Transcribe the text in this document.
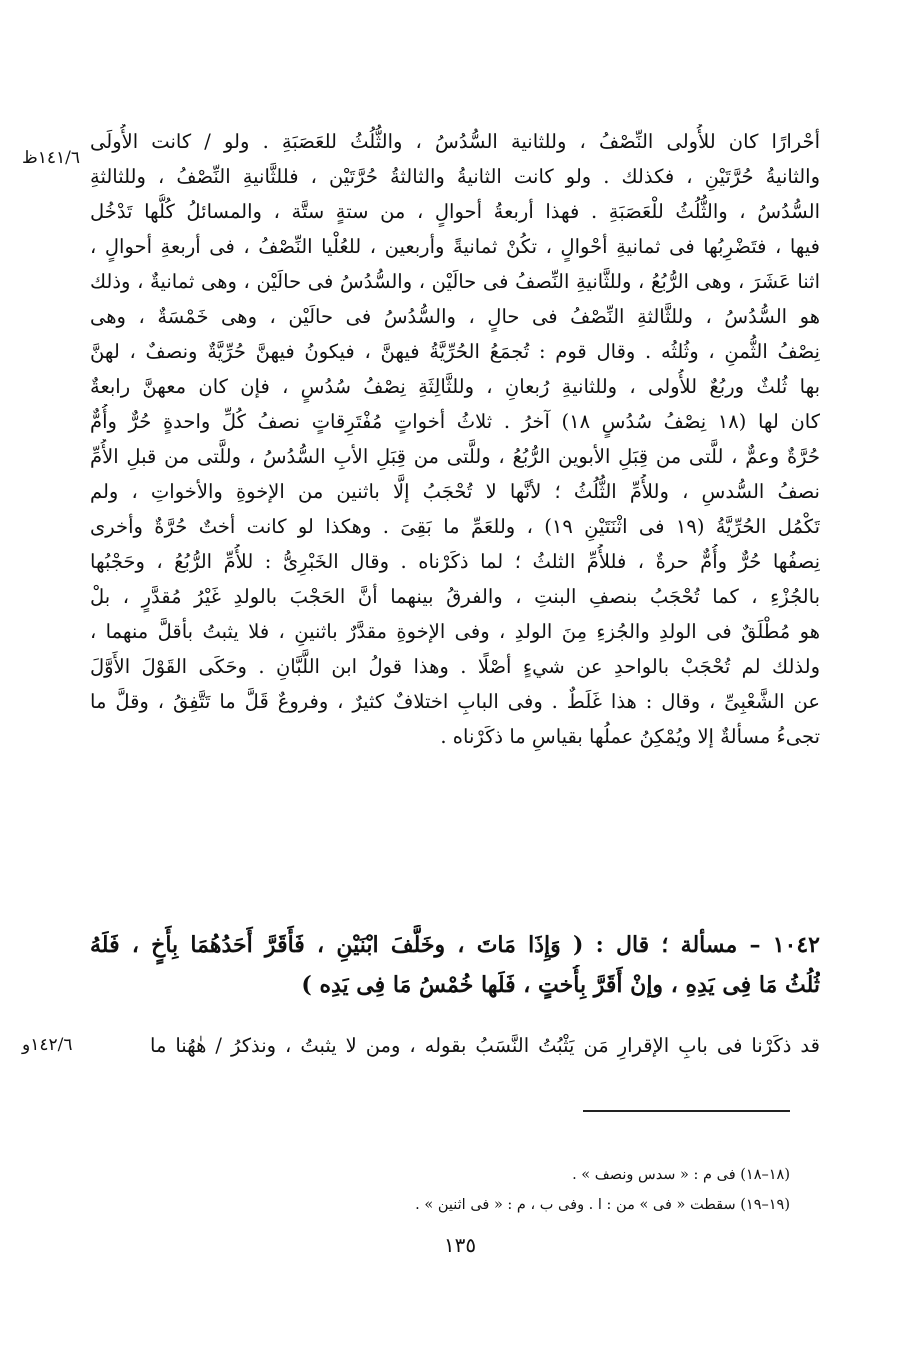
١٤١/٦ظ
١٤٢/٦و
أحْرارًا كان للأُولى النِّصْفُ ، وللثانية السُّدُسُ ، والثُّلُثُ للعَصَبَةِ . ولو / كانت الأُولَى
والثانيةُ حُرَّتَيْنِ ، فكذلك . ولو كانت الثانيةُ والثالثةُ حُرَّتَيْن ، فللثَّانيةِ النِّصْفُ ، وللثالثةِ
السُّدُسُ ، والثُّلُثُ للْعَصَبَةِ . فهذا أربعةُ أحوالٍ ، من ستةٍ ستَّة ، والمسائلُ كُلُّها تَدْخُل
فيها ، فتَضْرِبُها فى ثمانيةِ أحْوالٍ ، تكُنْ ثمانيةً وأربعين ، للعُلْيا النِّصْفُ ، فى أربعةِ أحوالٍ ،
اثنا عَشَرَ ، وهى الرُّبُعُ ، وللثَّانيةِ النِّصفُ فى حالَيْن ، والسُّدُسُ فى حالَيْن ، وهى ثمانيةٌ ، وذلك
هو السُّدُسُ ، وللثَّالثةِ النِّصْفُ فى حالٍ ، والسُّدُسُ فى حالَيْن ، وهى خَمْسَةٌ ، وهى
نِصْفُ الثُّمنِ ، وثُلثُه . وقال قوم : تُجمَعُ الحُرِّيَّةُ فيهنَّ ، فيكونُ فيهنَّ حُرِّيَّةٌ ونصفٌ ، لهنَّ
بها ثُلثٌ وربُعٌ للأُولى ، وللثانيةِ رُبعانِ ، وللثَّالِثَةِ نِصْفُ سُدُسٍ ، فإن كان معهنَّ رابعةٌ
كان لها (١٨ نِصْفُ سُدُسٍ ١٨) آخرُ . ثلاثُ أخواتٍ مُفْتَرِقاتٍ نصفُ كُلِّ واحدةٍ حُرٌّ وأُمٌّ
حُرَّةٌ وعمٌّ ، للَّتى من قِبَلِ الأبوين الرُّبُعُ ، وللَّتى من قِبَلِ الأبِ السُّدُسُ ، وللَّتى من قبلِ الأُمِّ
نصفُ السُّدسِ ، وللأُمِّ الثُّلُثُ ؛ لأنَّها لا تُحْجَبُ إلَّا باثنين من الإخوةِ والأخواتِ ، ولم
تَكْمُل الحُرِّيَّةُ (١٩ فى اثْنَتَيْنِ ١٩) ، وللعَمِّ ما بَقِىَ . وهكذا لو كانت أختٌ حُرَّةٌ وأخرى
نِصفُها حُرٌّ وأُمٌّ حرةٌ ، فللأُمِّ الثلثُ ؛ لما ذكَرْناه . وقال الخَبْرِىُّ : للأُمِّ الرُّبُعُ ، وحَجْبُها
بالجُزْءِ ، كما تُحْجَبُ بنصفِ البنتِ ، والفرقُ بينهما أنَّ الحَجْبَ بالولدِ غَيْرُ مُقدَّرٍ ، بلْ
هو مُطْلَقٌ فى الولدِ والجُزءِ مِنَ الولدِ ، وفى الإخوةِ مقدَّرٌ باثنينِ ، فلا يثبتُ بأقلَّ منهما ،
ولذلك لم تُحْجَبْ بالواحدِ عن شيءٍ أصْلًا . وهذا قولُ ابن اللَّبَّانِ . وحَكَى القَوْلَ الأَوَّلَ
عن الشَّعْبِىِّ ، وقال : هذا غَلَطٌ . وفى البابِ اختلافٌ كثيرٌ ، وفروعٌ قَلَّ ما تَتَّفِقُ ، وقلَّ ما
تجىءُ مسألةٌ إلا ويُمْكِنُ عملُها بقياسِ ما ذكَرْناه .
١٠٤٢ – مسألة ؛ قال : ( وَإِذَا مَاتَ ، وخَلَّفَ ابْنَيْنِ ، فَأَقَرَّ أَحَدُهُمَا بِأَخٍ ، فَلَهُ
ثُلُثُ مَا فِى يَدِهِ ، وإنْ أَقَرَّ بِأُختٍ ، فَلَها خُمْسُ مَا فِى يَدِه )
قد ذكَرْنا فى بابِ الإقرارِ مَن يَثْبُتُ النَّسَبُ بقوله ، ومن لا يثبتُ ، ونذكرُ / هٰهُنا ما
(١٨–١٨) فى م : « سدس ونصف » .
(١٩–١٩) سقطت « فى » من : ا . وفى ب ، م : « فى اثنين » .
١٣٥
